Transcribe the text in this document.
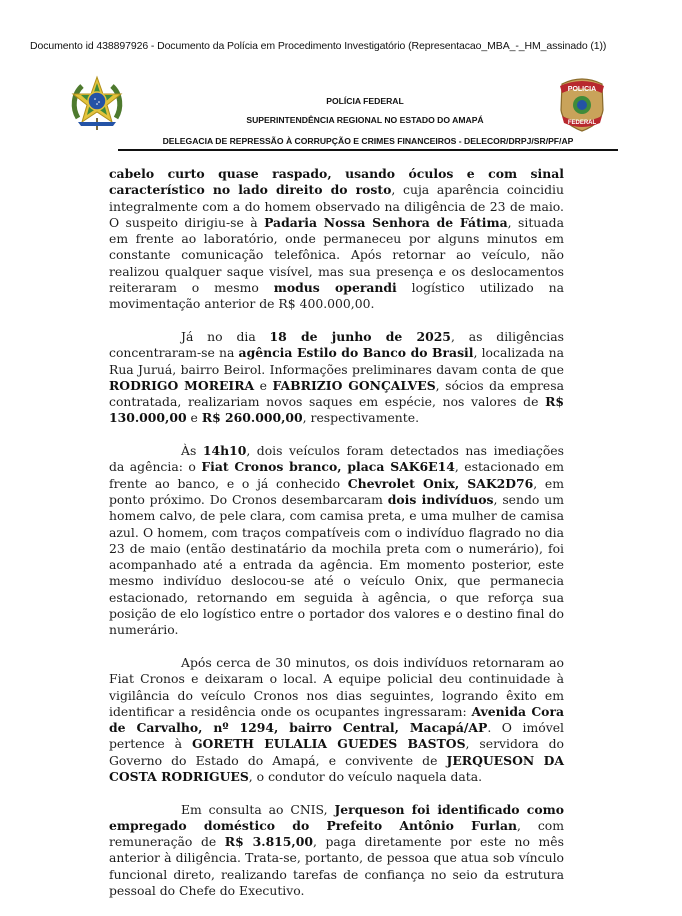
Documento id 438897926 - Documento da Polícia em Procedimento Investigatório (Representacao_MBA_-_HM_assinado (1))
POLÍCIA FEDERAL
SUPERINTENDÊNCIA REGIONAL NO ESTADO DO AMAPÁ
DELEGACIA DE REPRESSÃO À CORRUPÇÃO E CRIMES FINANCEIROS - DELECOR/DRPJ/SR/PF/AP
POLICIA
FEDERAL

cabelo curto quase raspado, usando óculos e com sinal característico no lado direito do rosto, cuja aparência coincidiu integralmente com a do homem observado na diligência de 23 de maio. O suspeito dirigiu-se à Padaria Nossa Senhora de Fátima, situada em frente ao laboratório, onde permaneceu por alguns minutos em constante comunicação telefônica. Após retornar ao veículo, não realizou qualquer saque visível, mas sua presença e os deslocamentos reiteraram o mesmo modus operandi logístico utilizado na movimentação anterior de R$ 400.000,00.

Já no dia 18 de junho de 2025, as diligências concentraram-se na agência Estilo do Banco do Brasil, localizada na Rua Juruá, bairro Beirol. Informações preliminares davam conta de que RODRIGO MOREIRA e FABRIZIO GONÇALVES, sócios da empresa contratada, realizariam novos saques em espécie, nos valores de R$ 130.000,00 e R$ 260.000,00, respectivamente.

Às 14h10, dois veículos foram detectados nas imediações da agência: o Fiat Cronos branco, placa SAK6E14, estacionado em frente ao banco, e o já conhecido Chevrolet Onix, SAK2D76, em ponto próximo. Do Cronos desembarcaram dois indivíduos, sendo um homem calvo, de pele clara, com camisa preta, e uma mulher de camisa azul. O homem, com traços compatíveis com o indivíduo flagrado no dia 23 de maio (então destinatário da mochila preta com o numerário), foi acompanhado até a entrada da agência. Em momento posterior, este mesmo indivíduo deslocou-se até o veículo Onix, que permanecia estacionado, retornando em seguida à agência, o que reforça sua posição de elo logístico entre o portador dos valores e o destino final do numerário.

Após cerca de 30 minutos, os dois indivíduos retornaram ao Fiat Cronos e deixaram o local. A equipe policial deu continuidade à vigilância do veículo Cronos nos dias seguintes, logrando êxito em identificar a residência onde os ocupantes ingressaram: Avenida Cora de Carvalho, nº 1294, bairro Central, Macapá/AP. O imóvel pertence à GORETH EULALIA GUEDES BASTOS, servidora do Governo do Estado do Amapá, e convivente de JERQUESON DA COSTA RODRIGUES, o condutor do veículo naquela data.

Em consulta ao CNIS, Jerqueson foi identificado como empregado doméstico do Prefeito Antônio Furlan, com remuneração de R$ 3.815,00, paga diretamente por este no mês anterior à diligência. Trata-se, portanto, de pessoa que atua sob vínculo funcional direto, realizando tarefas de confiança no seio da estrutura pessoal do Chefe do Executivo.
